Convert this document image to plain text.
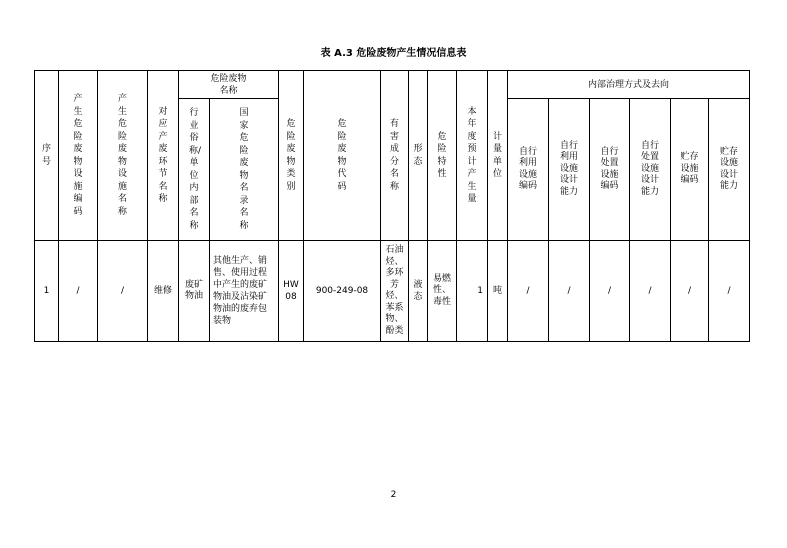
表 A.3 危险废物产生情况信息表
序号	产生危险废物设施编码	产生危险废物设施名称	对应产废环节名称	危险废物名称		危险废物类别	危险废物代码	有害成分名称	形态	危险特性	本年度预计产生量	计量单位	内部治理方式及去向					
				行业俗称/单位内部名称	国家危险废物名录名称								自行利用设施编码	自行利用设施设计能力	自行处置设施编码	自行处置设施设计能力	贮存设施编码	贮存设施设计能力
1	/	/	维修	废矿物油	其他生产、销售、使用过程中产生的废矿物油及沾染矿物油的废弃包装物	HW08	900-249-08	石油烃、多环芳烃、苯系物、酚类	液态	易燃性、毒性	1	吨	/	/	/	/	/	/
2
